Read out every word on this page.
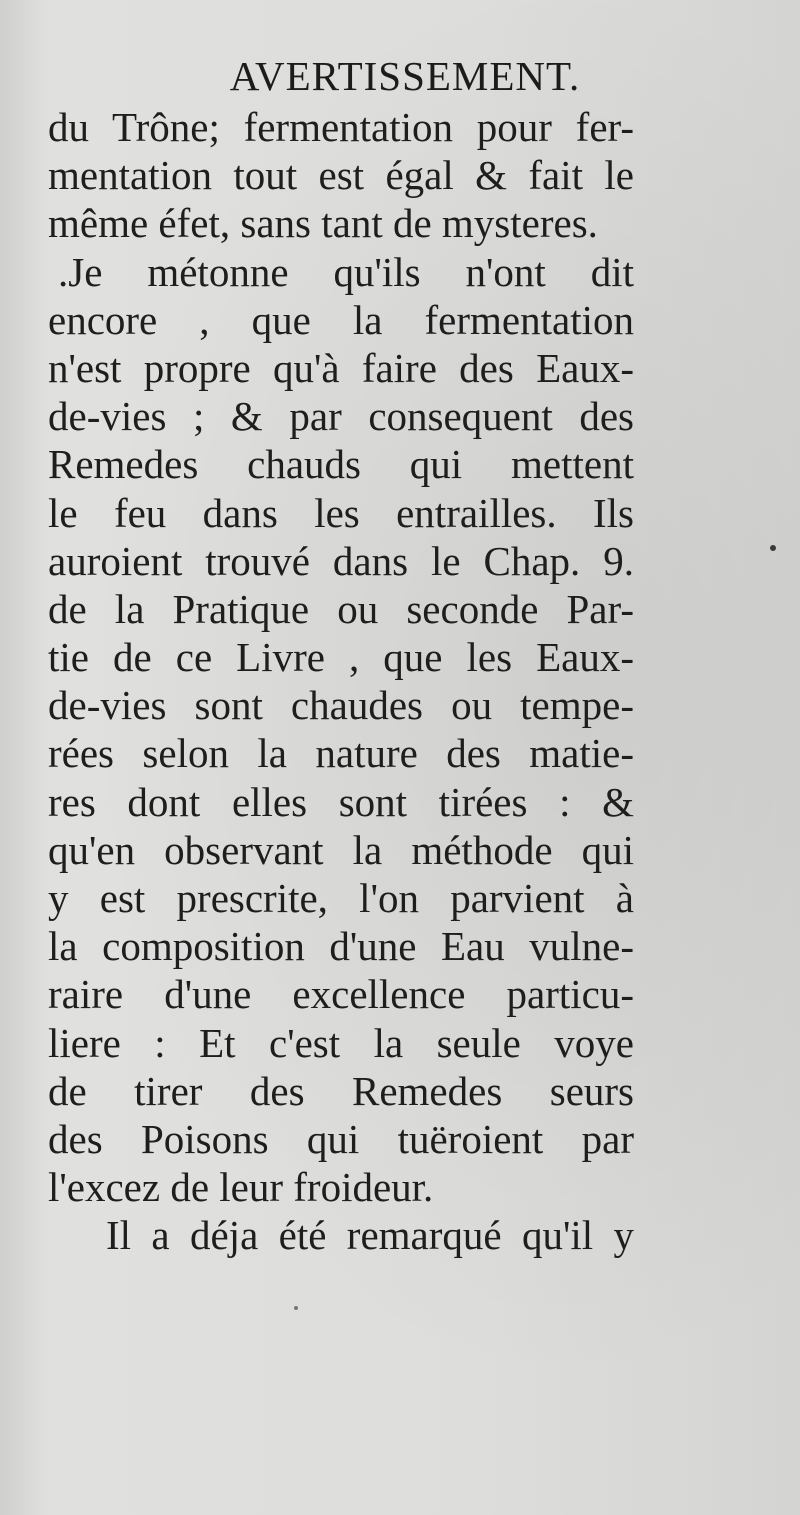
AVERTISSEMENT.
du Trône; fermentation pour fer-
mentation tout est égal & fait le
même éfet, sans tant de mysteres.
.Je métonne qu'ils n'ont dit
encore , que la fermentation
n'est propre qu'à faire des Eaux-
de-vies ; & par consequent des
Remedes chauds qui mettent
le feu dans les entrailles. Ils
auroient trouvé dans le Chap. 9.
de la Pratique ou seconde Par-
tie de ce Livre , que les Eaux-
de-vies sont chaudes ou tempe-
rées selon la nature des matie-
res dont elles sont tirées : &
qu'en observant la méthode qui
y est prescrite, l'on parvient à
la composition d'une Eau vulne-
raire d'une excellence particu-
liere : Et c'est la seule voye
de tirer des Remedes seurs
des Poisons qui tuëroient par
l'excez de leur froideur.
Il a déja été remarqué qu'il y
